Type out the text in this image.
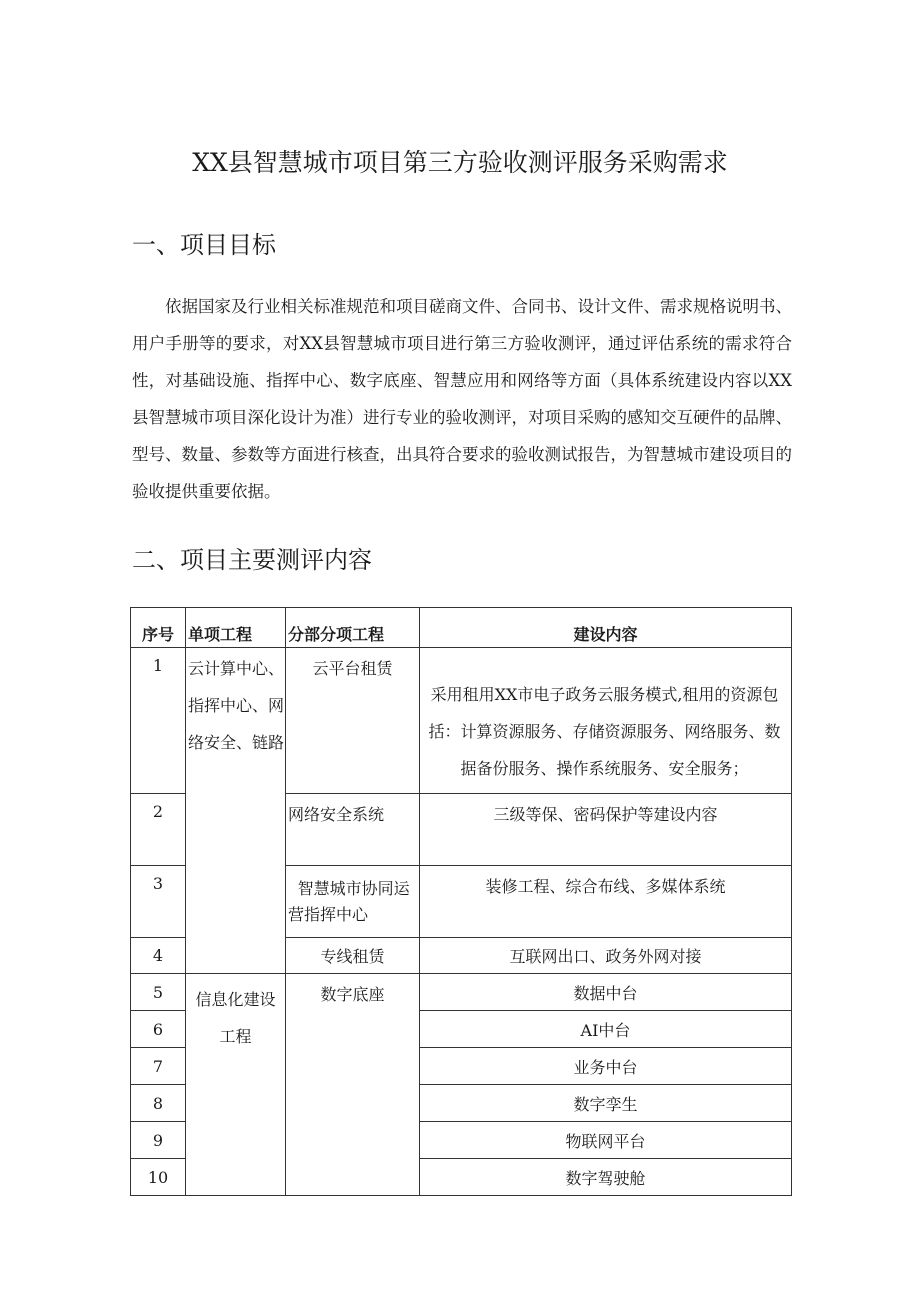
XX县智慧城市项目第三方验收测评服务采购需求
一、项目目标

依据国家及行业相关标准规范和项目磋商文件、合同书、设计文件、需求规格说明书、用户手册等的要求，对XX县智慧城市项目进行第三方验收测评，通过评估系统的需求符合性，对基础设施、指挥中心、数字底座、智慧应用和网络等方面（具体系统建设内容以XX县智慧城市项目深化设计为准）进行专业的验收测评，对项目采购的感知交互硬件的品牌、型号、数量、参数等方面进行核查，出具符合要求的验收测试报告，为智慧城市建设项目的验收提供重要依据。

二、项目主要测评内容
序号	单项工程	分部分项工程	建设内容
1	云计算中心、指挥中心、网络安全、链路	云平台租赁	采用租用XX市电子政务云服务模式,租用的资源包括：计算资源服务、存储资源服务、网络服务、数据备份服务、操作系统服务、安全服务；
2		网络安全系统	三级等保、密码保护等建设内容
3		智慧城市协同运营指挥中心	装修工程、综合布线、多媒体系统
4		专线租赁	互联网出口、政务外网对接
5	信息化建设工程	数字底座	数据中台
6			AI中台
7			业务中台
8			数字孪生
9			物联网平台
10			数字驾驶舱
